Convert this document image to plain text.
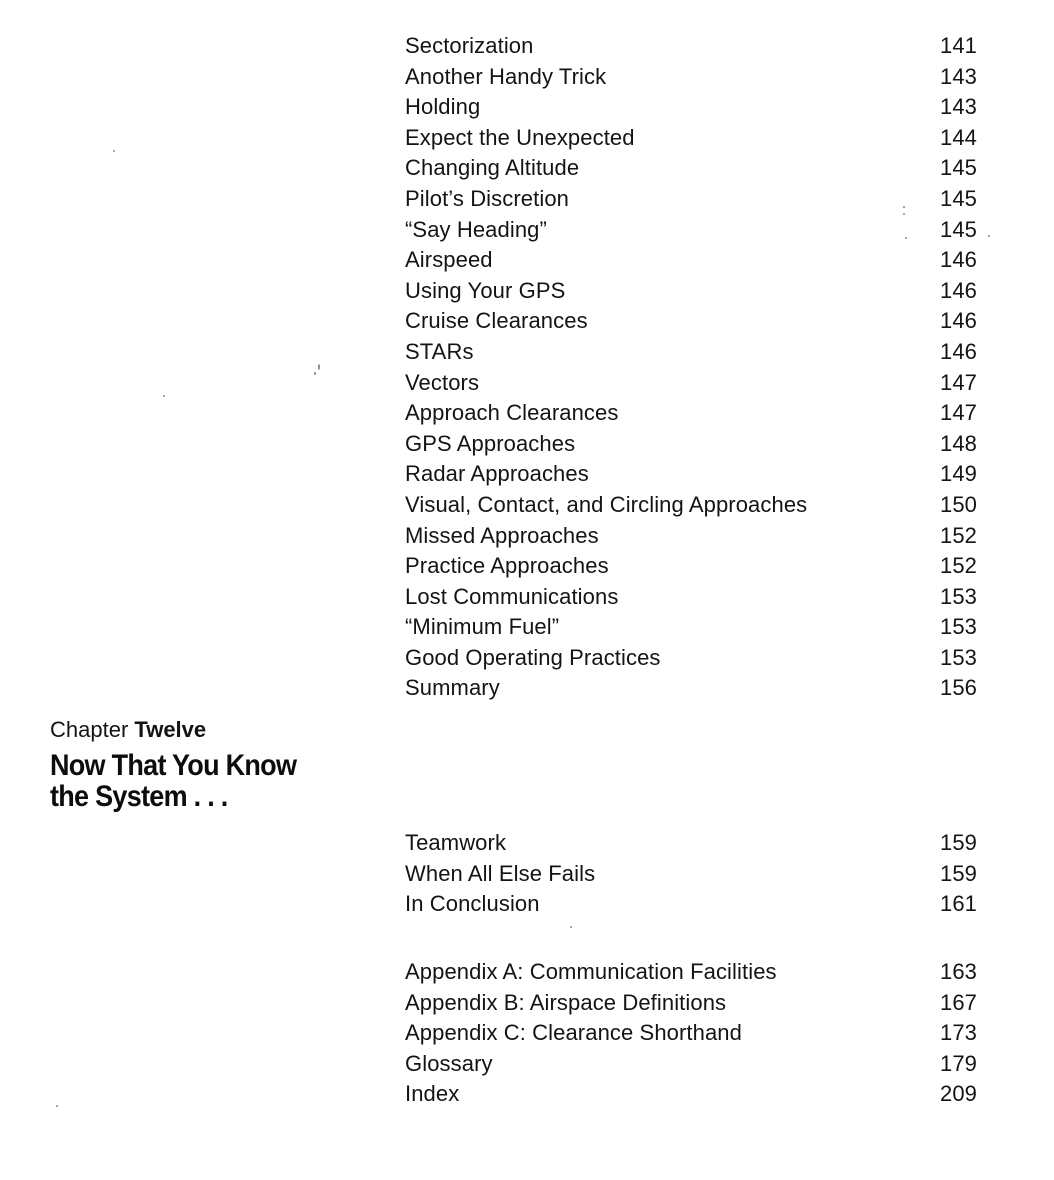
Sectorization	141
Another Handy Trick	143
Holding	143
Expect the Unexpected	144
Changing Altitude	145
Pilot’s Discretion	145
“Say Heading”	145
Airspeed	146
Using Your GPS	146
Cruise Clearances	146
STARs	146
Vectors	147
Approach Clearances	147
GPS Approaches	148
Radar Approaches	149
Visual, Contact, and Circling Approaches	150
Missed Approaches	152
Practice Approaches	152
Lost Communications	153
“Minimum Fuel”	153
Good Operating Practices	153
Summary	156
Chapter Twelve
Now That You Know
the System . . .
Teamwork	159
When All Else Fails	159
In Conclusion	161
Appendix A: Communication Facilities	163
Appendix B: Airspace Definitions	167
Appendix C: Clearance Shorthand	173
Glossary	179
Index	209
